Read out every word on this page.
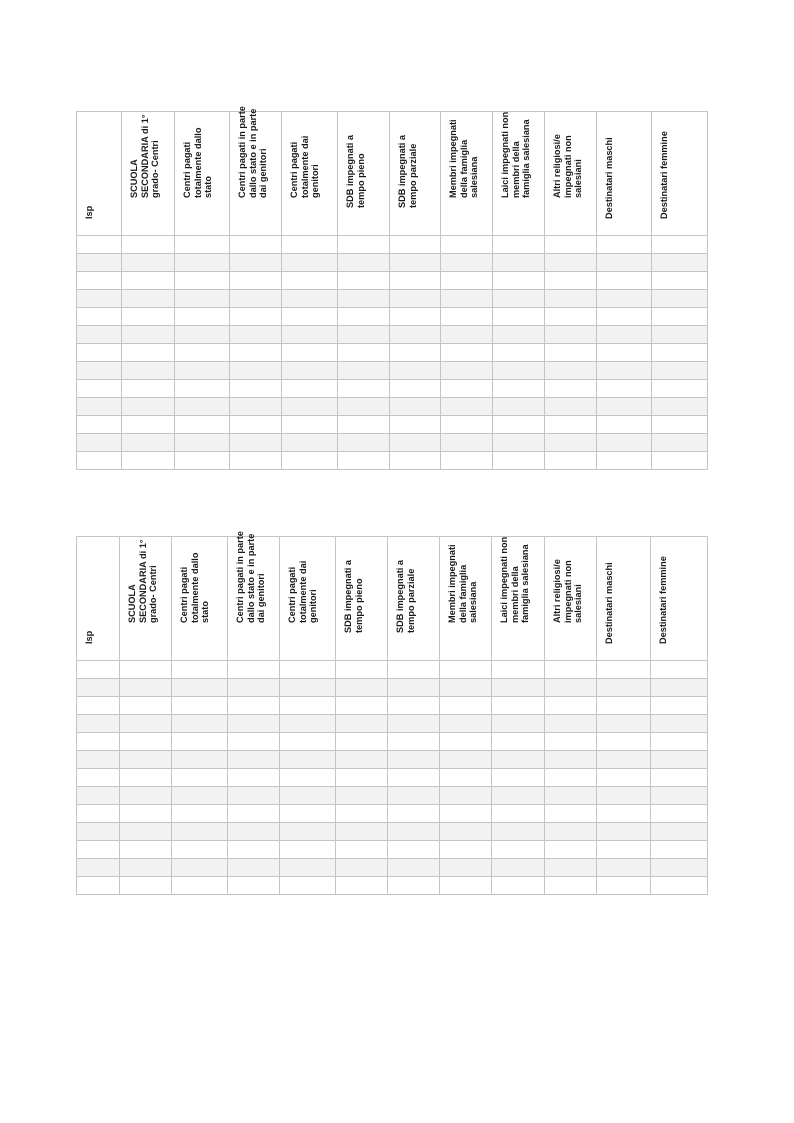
Isp	SCUOLA
SECONDARIA di 1°
grado- Centri	Centri pagati
totalmente dallo
stato	Centri pagati in parte
dallo stato e in parte
dai genitori	Centri pagati
totalmente dai
genitori	SDB impegnati a
tempo pieno	SDB impegnati a
tempo parziale	Membri impegnati
della famiglia
salesiana	Laici impegnati non
membri della
famiglia salesiana	Altri religiosi/e
impegnati non
salesiani	Destinatari maschi	Destinatari femmine

Isp	SCUOLA
SECONDARIA di 1°
grado- Centri	Centri pagati
totalmente dallo
stato	Centri pagati in parte
dallo stato e in parte
dai genitori	Centri pagati
totalmente dai
genitori	SDB impegnati a
tempo pieno	SDB impegnati a
tempo parziale	Membri impegnati
della famiglia
salesiana	Laici impegnati non
membri della
famiglia salesiana	Altri religiosi/e
impegnati non
salesiani	Destinatari maschi	Destinatari femmine
